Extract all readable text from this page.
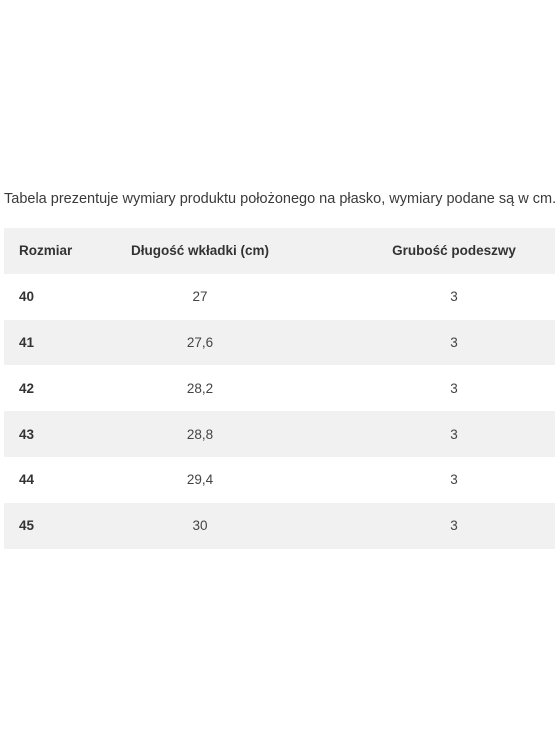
Tabela prezentuje wymiary produktu położonego na płasko, wymiary podane są w cm.
Rozmiar	Długość wkładki (cm)	Grubość podeszwy
40	27	3
41	27,6	3
42	28,2	3
43	28,8	3
44	29,4	3
45	30	3
